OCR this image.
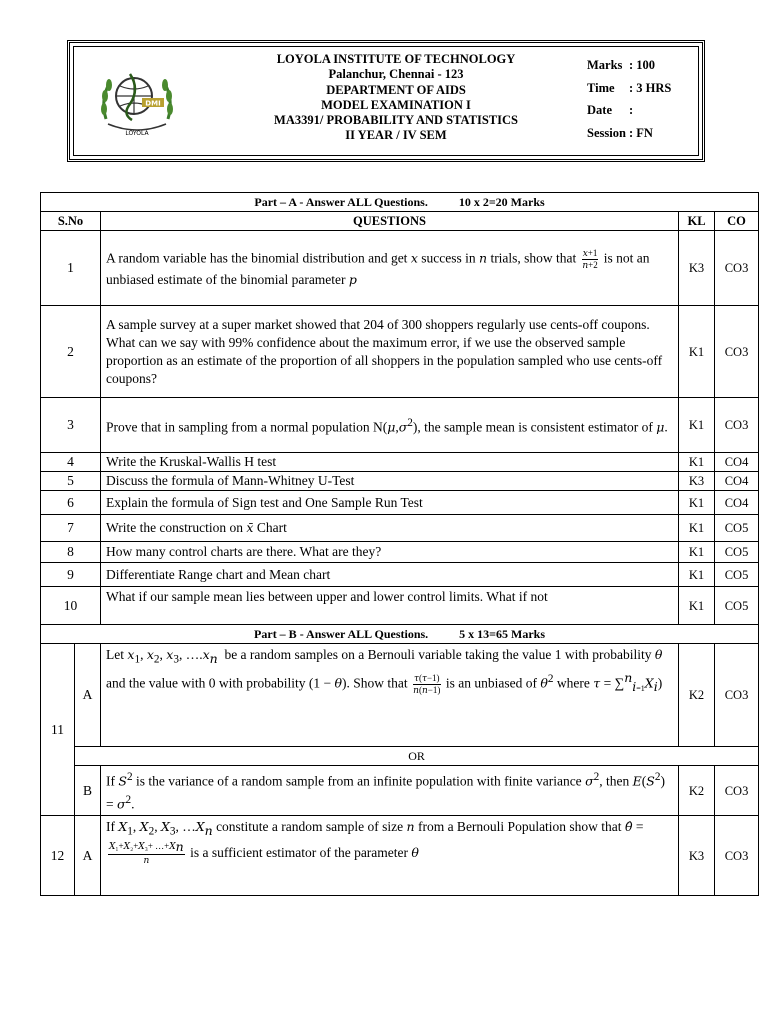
DMI
LOYOLA
LOYOLA INSTITUTE OF TECHNOLOGY
Palanchur, Chennai - 123
DEPARTMENT OF AIDS
MODEL EXAMINATION I
MA3391/ PROBABILITY AND STATISTICS
II YEAR / IV SEM
Marks : 100
Time : 3 HRS
Date :
Session : FN
Part – A - Answer ALL Questions. 10 x 2=20 Marks				
S.No		QUESTIONS	KL	CO
1		A random variable has the binomial distribution and get x success in n trials, show that $\frac{x+1}{n+2}$ is not an unbiased estimate of the binomial parameter p	K3	CO3
2		A sample survey at a super market showed that 204 of 300 shoppers regularly use cents-off coupons. What can we say with 99% confidence about the maximum error, if we use the observed sample proportion as an estimate of the proportion of all shoppers in the population sampled who use cents-off coupons?	K1	CO3
3		Prove that in sampling from a normal population $N(\mu,\sigma^2)$, the sample mean is consistent estimator of μ.	K1	CO3
4		Write the Kruskal-Wallis H test	K1	CO4
5		Discuss the formula of Mann-Whitney U-Test	K3	CO4
6		Explain the formula of Sign test and One Sample Run Test	K1	CO4
7		Write the construction on x̄ Chart	K1	CO5
8		How many control charts are there. What are they?	K1	CO5
9		Differentiate Range chart and Mean chart	K1	CO5
10		What if our sample mean lies between upper and lower control limits. What if not	K1	CO5
Part – B - Answer ALL Questions. 5 x 13=65 Marks				
11	A	Let $x_1$, $x_2$, $x_3$, $\dots.x_n$  be a random samples on a Bernouli variable taking the value 1 with probability θ and the value with 0 with probability (1 − θ). Show that $\frac{\tau(\tau-1)}{n(n-1)}$ is an unbiased of $\theta^2$ where $\tau = \sum^n_{i=1}X_i$)	K2	CO3
	OR			
	B	If $S^2$ is the variance of a random sample from an infinite population with finite variance $\sigma^2$, then $E(S^2) = \sigma^2$.	K2	CO3
12	A	If $X_1$, $X_2$, $X_3$, $\dots X_n$ constitute a random sample of size n from a Bernouli Population show that θ̂ =
$\frac{X_1+X_2+X_3+ \dots+X_n}{n}$ is a sufficient estimator of the parameter θ	K3	CO3
